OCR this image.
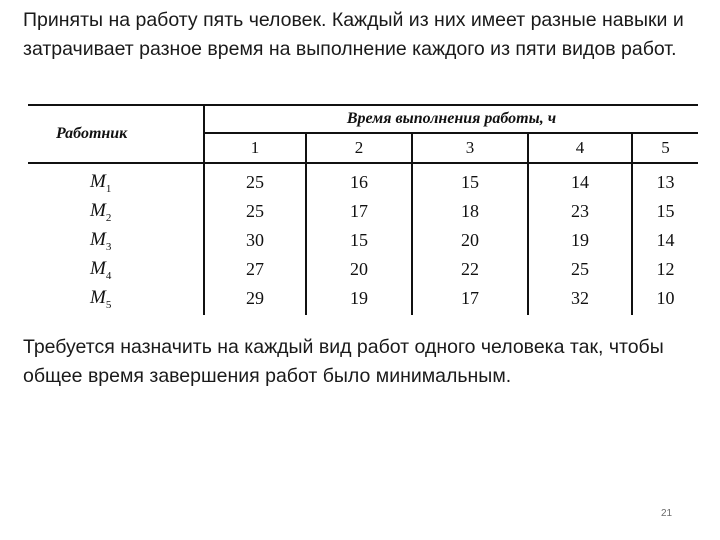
Приняты на работу пять человек. Каждый из них имеет разные навыки и затрачивает разное время на выполнение каждого из пяти видов работ.

Работник	Время выполнения работы, ч				
	1	2	3	4	5
$M_1$	25	16	15	14	13
$M_2$	25	17	18	23	15
$M_3$	30	15	20	19	14
$M_4$	27	20	22	25	12
$M_5$	29	19	17	32	10

Требуется назначить на каждый вид работ одного человека так, чтобы общее время завершения работ было минимальным.

21
